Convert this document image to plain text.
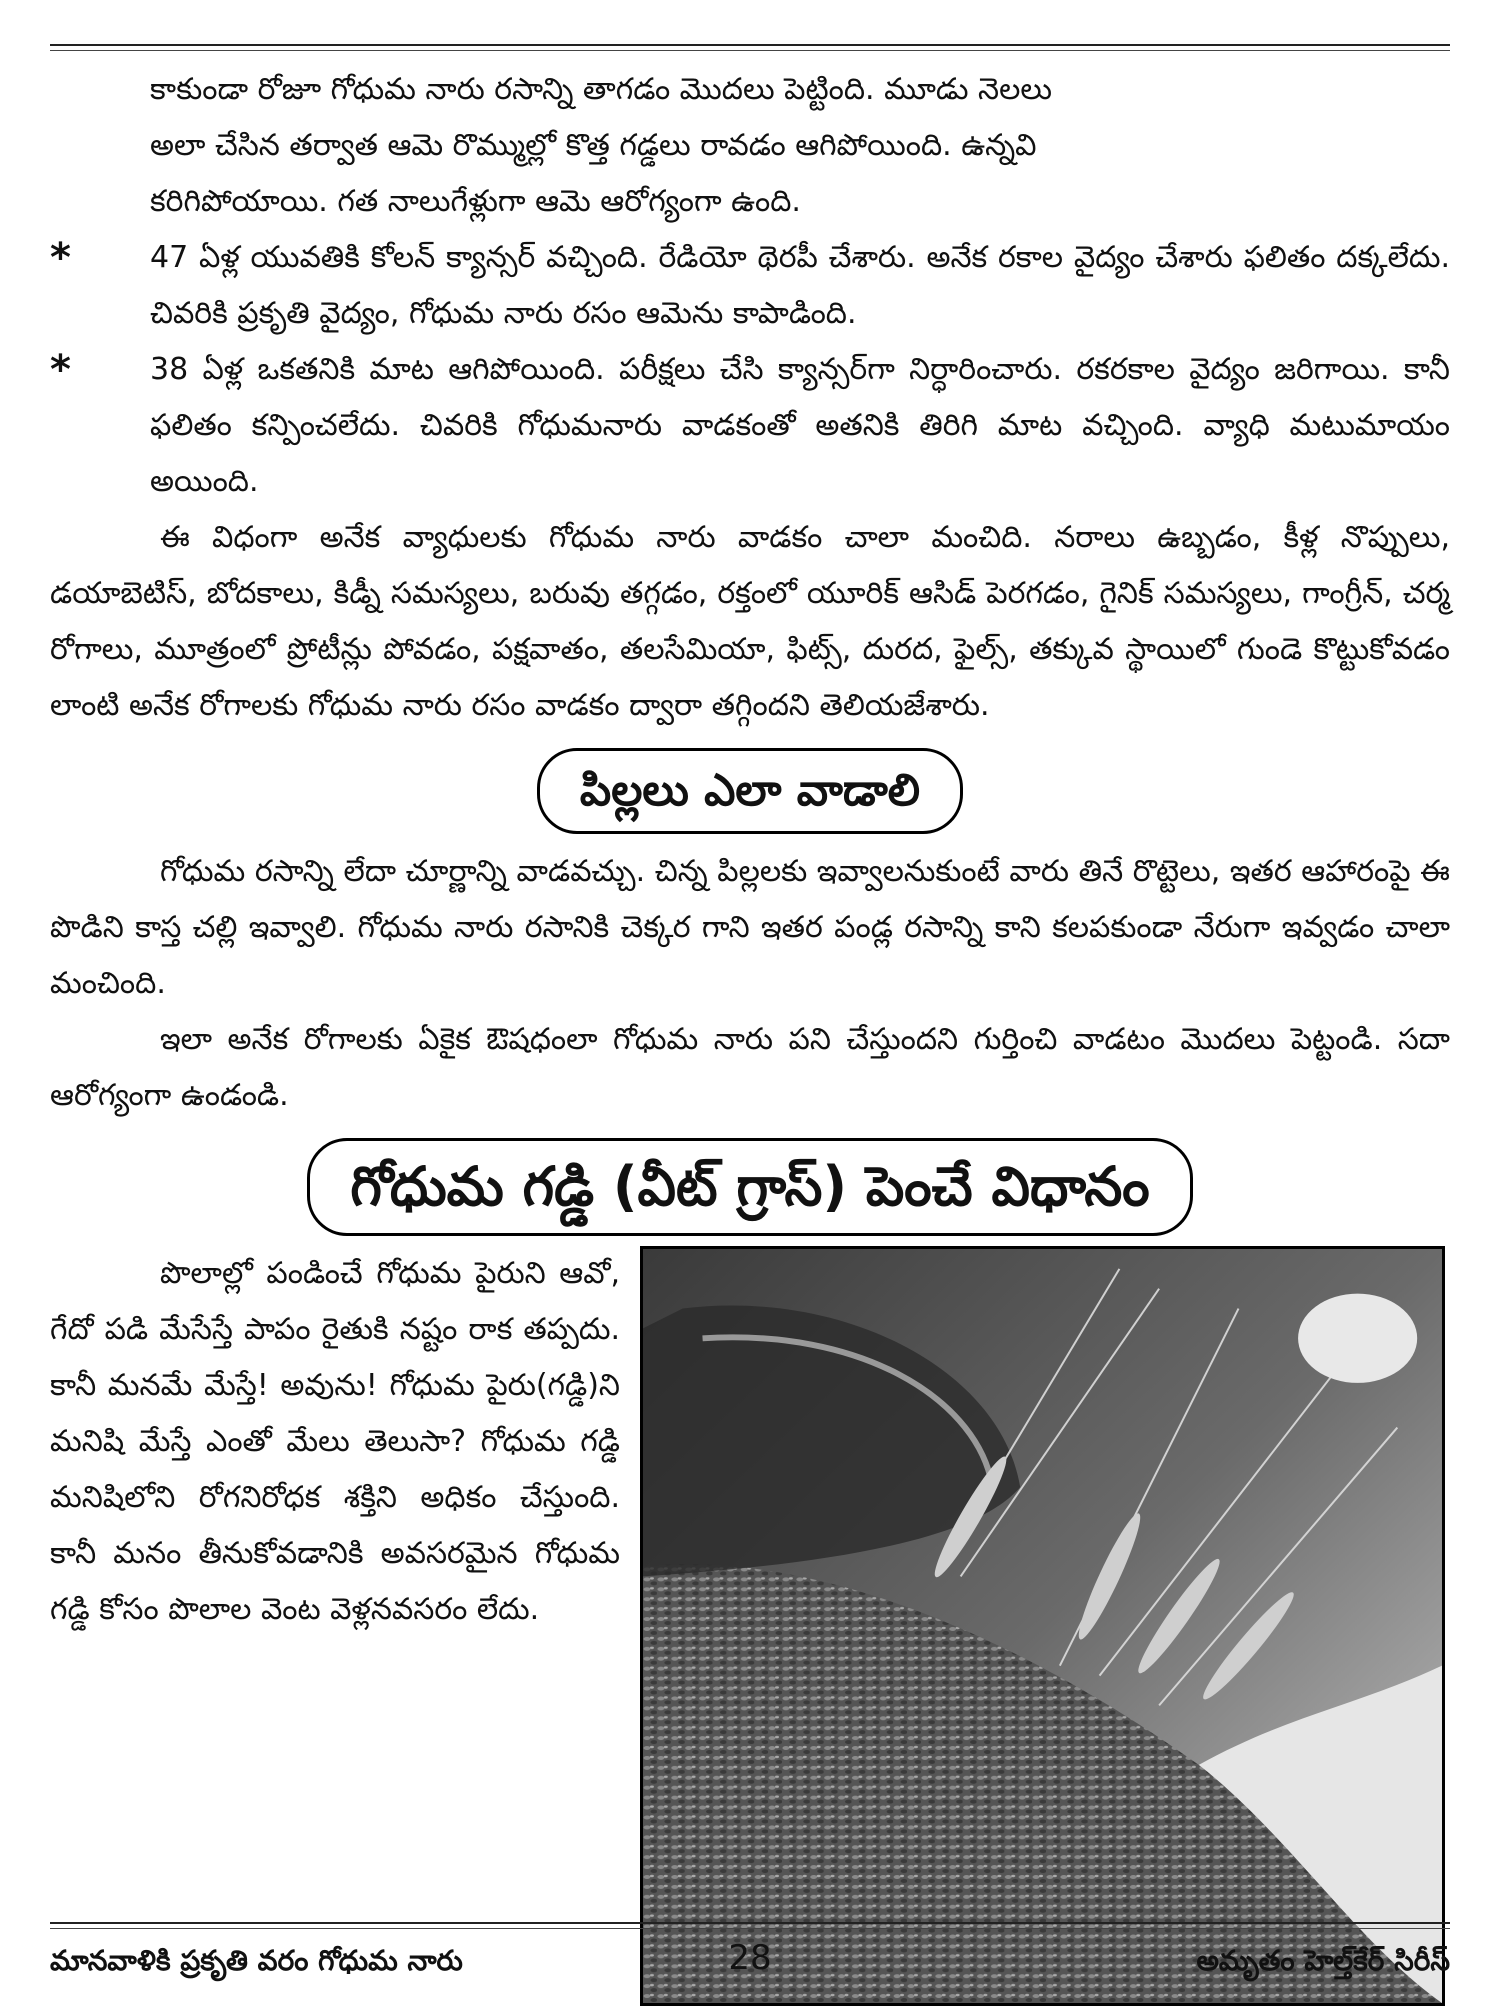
కాకుండా రోజూ గోధుమ నారు రసాన్ని తాగడం మొదలు పెట్టింది. మూడు నెలలు

అలా చేసిన తర్వాత ఆమె రొమ్ముల్లో కొత్త గడ్డలు రావడం ఆగిపోయింది. ఉన్నవి

కరిగిపోయాయి. గత నాలుగేళ్లుగా ఆమె ఆరోగ్యంగా ఉంది.

*	47 ఏళ్ల యువతికి కోలన్ క్యాన్సర్ వచ్చింది. రేడియో థెరపీ చేశారు. అనేక రకాల వైద్యం చేశారు ఫలితం దక్కలేదు. చివరికి ప్రకృతి వైద్యం, గోధుమ నారు రసం ఆమెను కాపాడింది.
*	38 ఏళ్ల ఒకతనికి మాట ఆగిపోయింది. పరీక్షలు చేసి క్యాన్సర్‌గా నిర్ధారించారు. రకరకాల వైద్యం జరిగాయి. కానీ ఫలితం కన్పించలేదు. చివరికి గోధుమనారు వాడకంతో అతనికి తిరిగి మాట వచ్చింది. వ్యాధి మటుమాయం అయింది.

ఈ విధంగా అనేక వ్యాధులకు గోధుమ నారు వాడకం చాలా మంచిది. నరాలు ఉబ్బడం, కీళ్ల నొప్పులు, డయాబెటిస్, బోదకాలు, కిడ్నీ సమస్యలు, బరువు తగ్గడం, రక్తంలో యూరిక్ ఆసిడ్ పెరగడం, గైనిక్ సమస్యలు, గాంగ్రీన్, చర్మ రోగాలు, మూత్రంలో ప్రోటీన్లు పోవడం, పక్షవాతం, తలసేమియా, ఫిట్స్, దురద, ఫైల్స్, తక్కువ స్థాయిలో గుండె కొట్టుకోవడం లాంటి అనేక రోగాలకు గోధుమ నారు రసం వాడకం ద్వారా తగ్గిందని తెలియజేశారు.

పిల్లలు ఎలా వాడాలి

గోధుమ రసాన్ని లేదా చూర్ణాన్ని వాడవచ్చు. చిన్న పిల్లలకు ఇవ్వాలనుకుంటే వారు తినే రొట్టెలు, ఇతర ఆహారంపై ఈ పొడిని కాస్త చల్లి ఇవ్వాలి. గోధుమ నారు రసానికి చెక్కర గాని ఇతర పండ్ల రసాన్ని కాని కలపకుండా నేరుగా ఇవ్వడం చాలా మంచింది.

ఇలా అనేక రోగాలకు ఏకైక ఔషధంలా గోధుమ నారు పని చేస్తుందని గుర్తించి వాడటం మొదలు పెట్టండి. సదా ఆరోగ్యంగా ఉండండి.

గోధుమ గడ్డి (వీట్ గ్రాస్) పెంచే విధానం

పొలాల్లో పండించే గోధుమ పైరుని ఆవో, గేదో పడి మేసేస్తే పాపం రైతుకి నష్టం రాక తప్పదు. కానీ మనమే మేస్తే! అవును! గోధుమ పైరు(గడ్డి)ని మనిషి మేస్తే ఎంతో మేలు తెలుసా? గోధుమ గడ్డి మనిషిలోని రోగనిరోధక శక్తిని అధికం చేస్తుంది. కానీ మనం తీనుకోవడానికి అవసరమైన గోధుమ గడ్డి కోసం పొలాల వెంట వెళ్లనవసరం లేదు.

మానవాళికి ప్రకృతి వరం గోధుమ నారు	28	అమృతం హెల్త్‌కేర్ సిరీస్
